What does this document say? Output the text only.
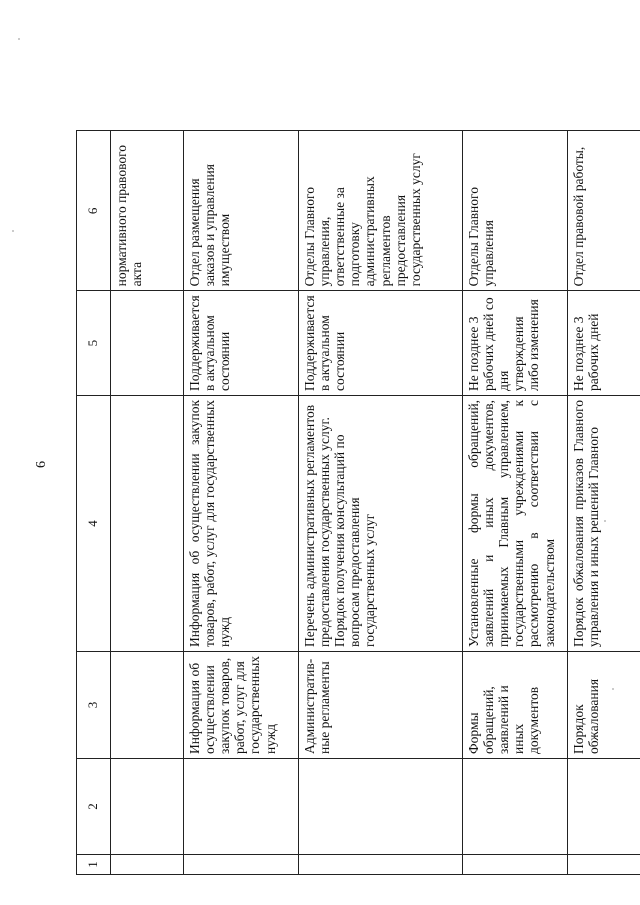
6
1	2	3	4	5	6
					нормативного правового акта
		Информация об осуществлении закупок товаров, работ, услуг для государственных нужд	Информация об осуществлении закупок товаров, работ, услуг для государственных нужд	Поддерживается в актуальном состоянии	Отдел размещения заказов и управления имуществом
		Административ-ные регламенты	Перечень административных регламентов предоставления государственных услуг. Порядок получения консультаций по вопросам предоставления государственных услуг	Поддерживается в актуальном состоянии	Отделы Главного управления, ответственные за подготовку административных регламентов предоставления государственных услуг
		Формы обращений, заявлений и иных документов	Установленные формы обращений, заявлений и иных документов, принимаемых Главным управлением, государственными учреждениями к рассмотрению в соответствии с законодательством	Не позднее 3 рабочих дней со дня утверждения либо изменения	Отделы Главного управления
		Порядок обжалования	Порядок обжалования приказов Главного управления и иных решений Главного	Не позднее 3 рабочих дней	Отдел правовой работы,
